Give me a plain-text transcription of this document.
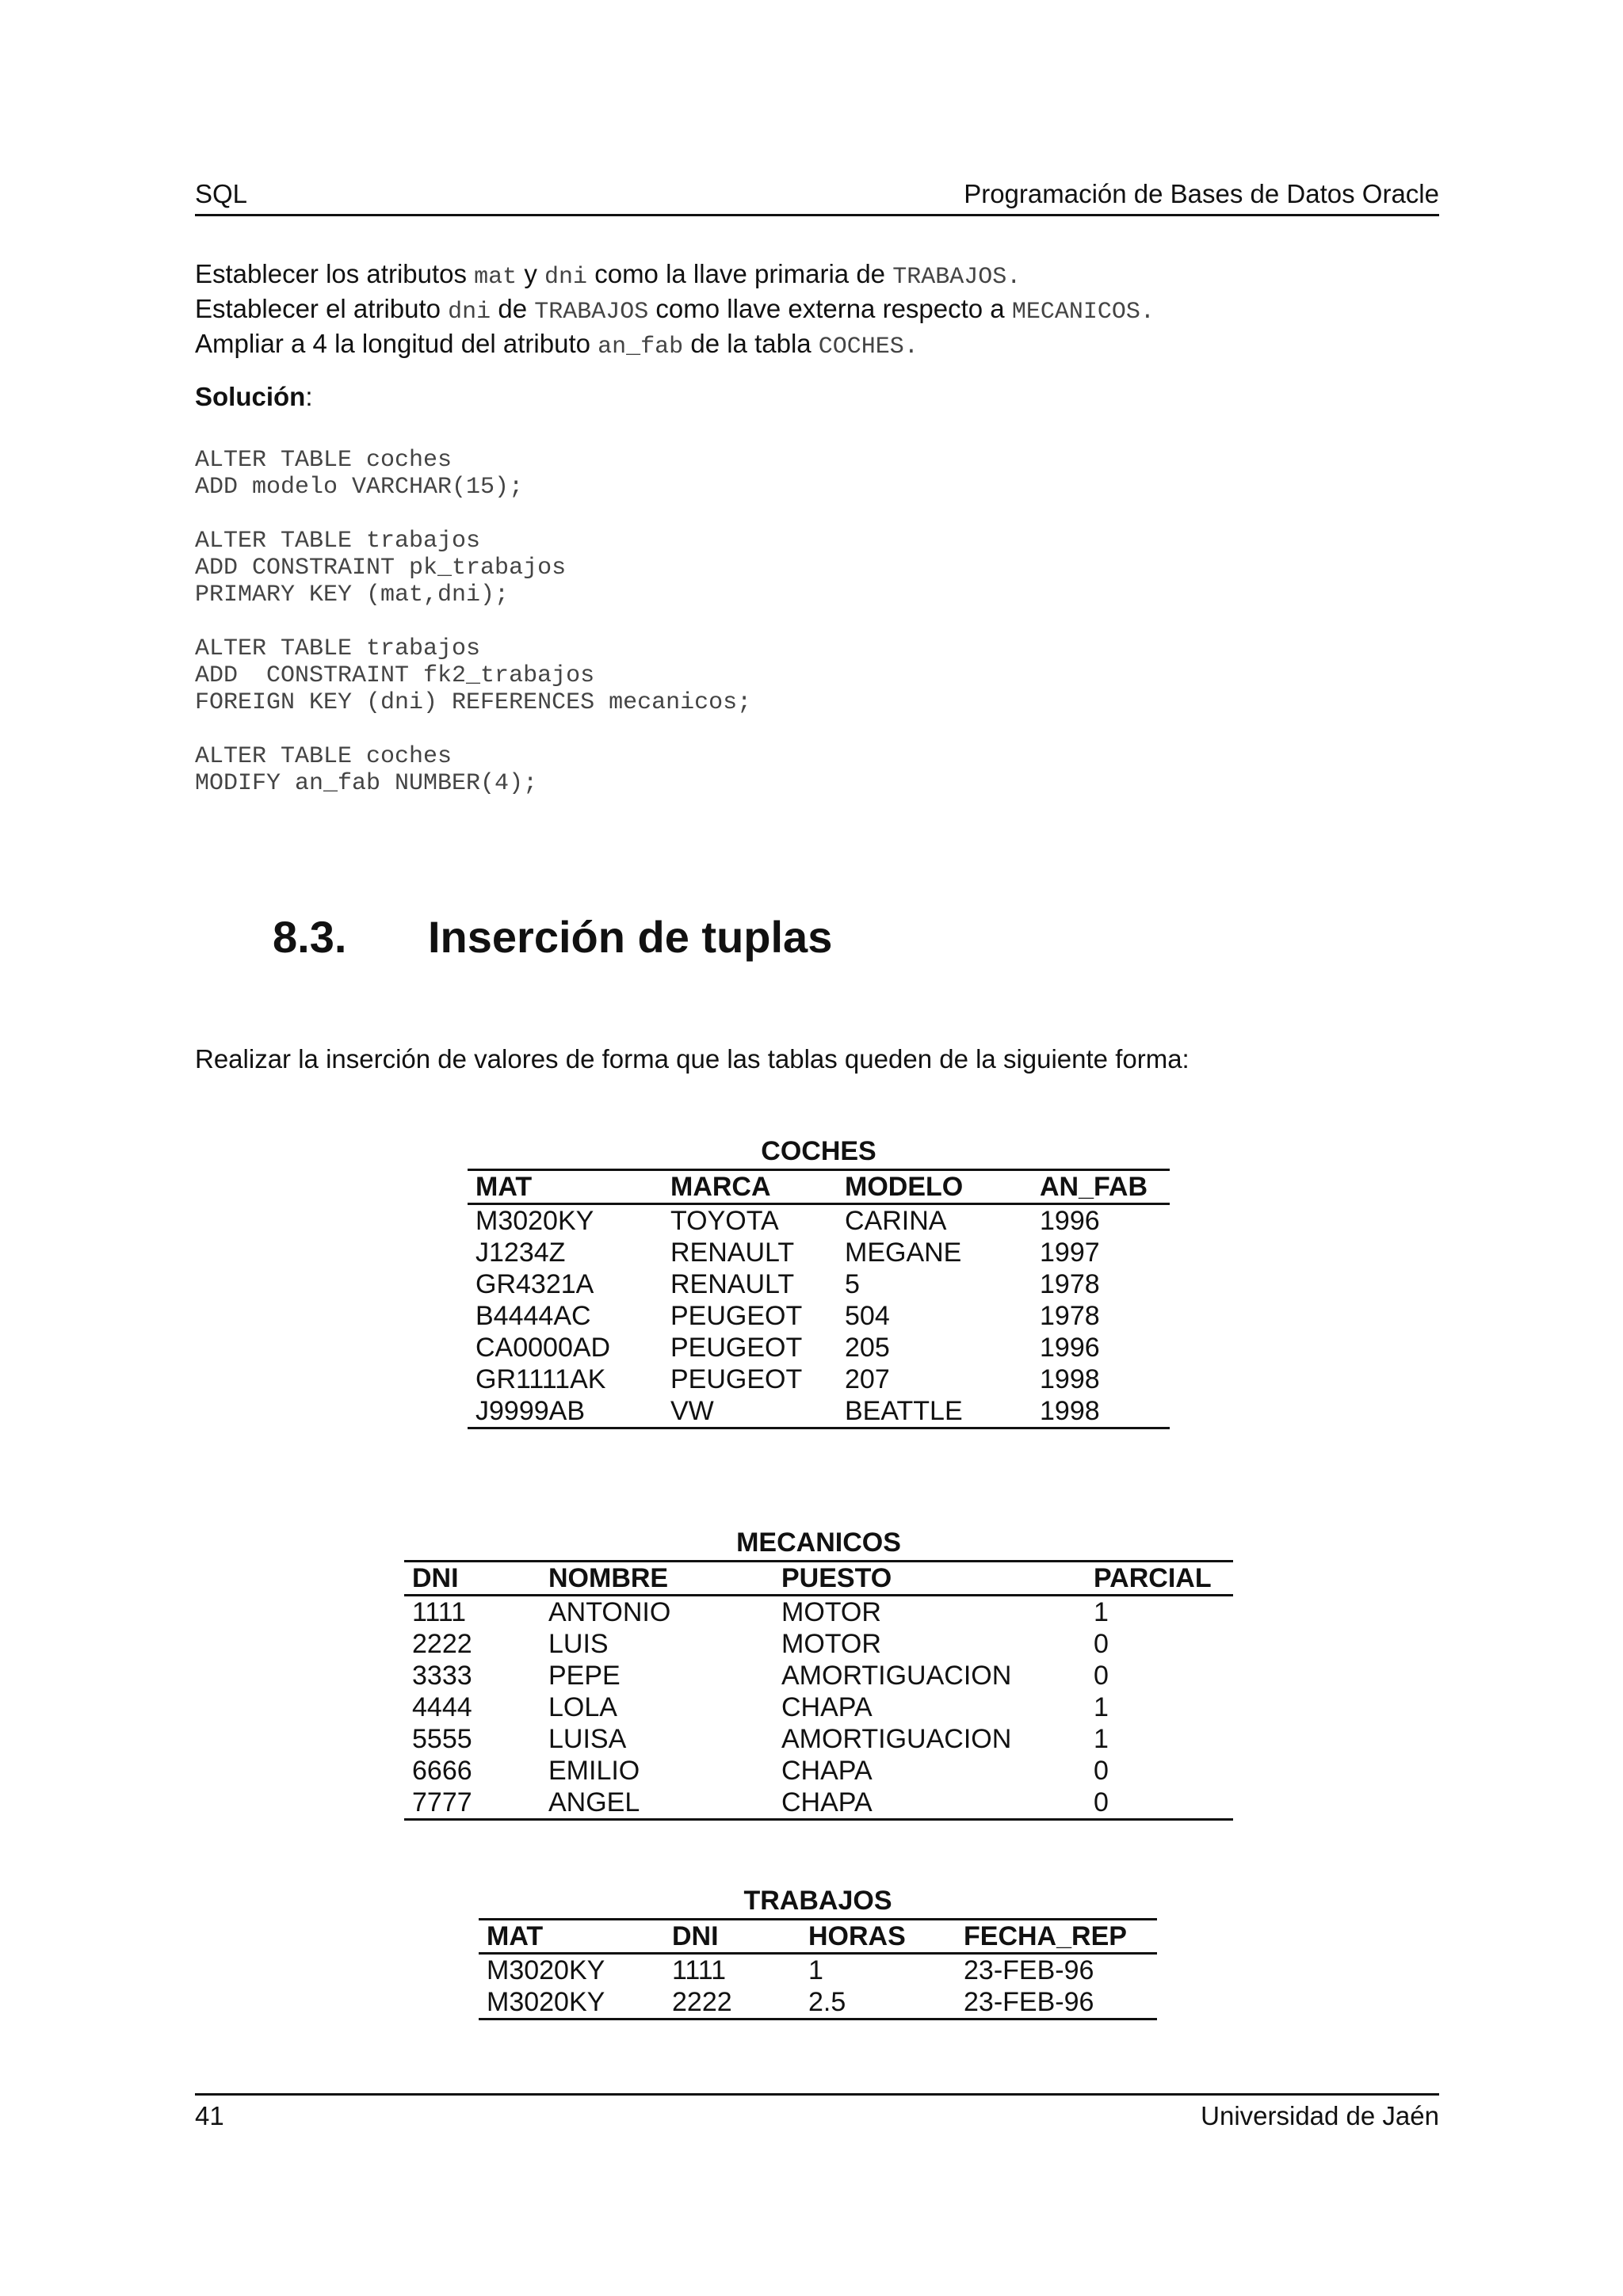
SQL	Programación de Bases de Datos Oracle
Establecer los atributos mat y dni como la llave primaria de TRABAJOS.
Establecer el atributo dni de TRABAJOS como llave externa respecto a MECANICOS.
Ampliar a 4 la longitud del atributo an_fab de la tabla COCHES.
Solución:
ALTER TABLE coches
ADD modelo VARCHAR(15);
ALTER TABLE trabajos
ADD CONSTRAINT pk_trabajos
PRIMARY KEY (mat,dni);
ALTER TABLE trabajos
ADD  CONSTRAINT fk2_trabajos
FOREIGN KEY (dni) REFERENCES mecanicos;
ALTER TABLE coches
MODIFY an_fab NUMBER(4);
8.3. Inserción de tuplas
Realizar la inserción de valores de forma que las tablas queden de la siguiente forma:
COCHES
MAT	MARCA	MODELO	AN_FAB
M3020KY	TOYOTA	CARINA	1996
J1234Z	RENAULT	MEGANE	1997
GR4321A	RENAULT	5	1978
B4444AC	PEUGEOT	504	1978
CA0000AD	PEUGEOT	205	1996
GR1111AK	PEUGEOT	207	1998
J9999AB	VW	BEATTLE	1998
MECANICOS
DNI	NOMBRE	PUESTO	PARCIAL
1111	ANTONIO	MOTOR	1
2222	LUIS	MOTOR	0
3333	PEPE	AMORTIGUACION	0
4444	LOLA	CHAPA	1
5555	LUISA	AMORTIGUACION	1
6666	EMILIO	CHAPA	0
7777	ANGEL	CHAPA	0
TRABAJOS
MAT	DNI	HORAS	FECHA_REP
M3020KY	1111	1	23-FEB-96
M3020KY	2222	2.5	23-FEB-96
41	Universidad de Jaén
